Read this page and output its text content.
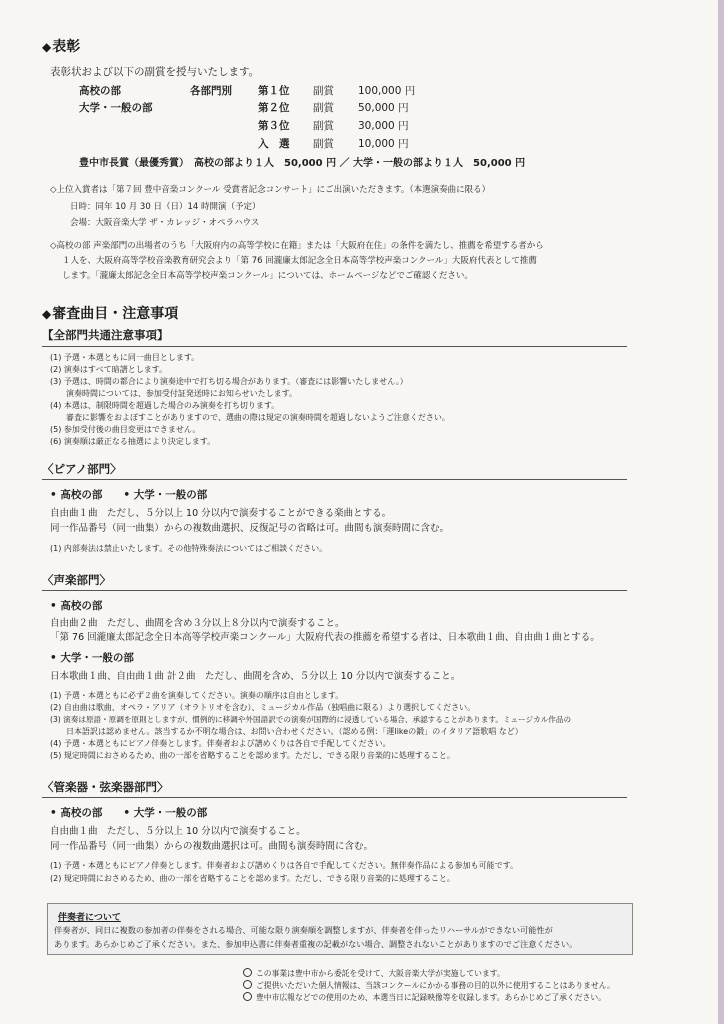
◆表彰
表彰状および以下の副賞を授与いたします。
高校の部
大学・一般の部
各部門別 第１位 副賞 100,000 円
第２位 副賞 50,000 円
第３位 副賞 30,000 円
入　選 副賞 10,000 円
豊中市長賞（最優秀賞）　高校の部より１人　50,000 円 ／ 大学・一般の部より１人　50,000 円
◇上位入賞者は「第７回 豊中音楽コンクール 受賞者記念コンサート」にご出演いただきます。（本選演奏曲に限る）
日時：同年 10 月 30 日（日）14 時開演（予定）
会場：大阪音楽大学 ザ・カレッジ・オペラハウス
◇高校の部 声楽部門の出場者のうち「大阪府内の高等学校に在籍」または「大阪府在住」の条件を満たし、推薦を希望する者から
１人を、大阪府高等学校音楽教育研究会より「第 76 回瀧廉太郎記念全日本高等学校声楽コンクール」大阪府代表として推薦
します。「瀧廉太郎記念全日本高等学校声楽コンクール」については、ホームページなどでご確認ください。
◆審査曲目・注意事項
【全部門共通注意事項】
(1) 予選・本選ともに同一曲目とします。
(2) 演奏はすべて暗譜とします。
(3) 予選は、時間の都合により演奏途中で打ち切る場合があります。（審査には影響いたしません。）
　　演奏時間については、参加受付証発送時にお知らせいたします。
(4) 本選は、制限時間を超過した場合のみ演奏を打ち切ります。
　　審査に影響をおよぼすことがありますので、選曲の際は規定の演奏時間を超過しないようご注意ください。
(5) 参加受付後の曲目変更はできません。
(6) 演奏順は厳正なる抽選により決定します。
〈ピアノ部門〉
• 高校の部　　• 大学・一般の部
自由曲１曲　ただし、５分以上 10 分以内で演奏することができる楽曲とする。
同一作品番号（同一曲集）からの複数曲選択、反復記号の省略は可。曲間も演奏時間に含む。
(1) 内部奏法は禁止いたします。その他特殊奏法についてはご相談ください。
〈声楽部門〉
• 高校の部
自由曲２曲　ただし、曲間を含め３分以上８分以内で演奏すること。
「第 76 回瀧廉太郎記念全日本高等学校声楽コンクール」大阪府代表の推薦を希望する者は、日本歌曲１曲、自由曲１曲とする。
• 大学・一般の部
日本歌曲１曲、自由曲１曲 計２曲　ただし、曲間を含め、５分以上 10 分以内で演奏すること。
(1) 予選・本選ともに必ず２曲を演奏してください。演奏の順序は自由とします。
(2) 自由曲は歌曲、オペラ・アリア（オラトリオを含む）、ミュージカル作品（独唱曲に限る）より選択してください。
(3) 演奏は原語・原調を原則としますが、慣例的に移調や外国語訳での演奏が国際的に浸透している場合、承認することがあります。ミュージカル作品の
　　日本語訳は認めません。該当するか不明な場合は、お問い合わせください。（認める例：「運likeの鍛」のイタリア語歌唱 など）
(4) 予選・本選ともにピアノ伴奏とします。伴奏者および譜めくりは各自で手配してください。
(5) 規定時間におさめるため、曲の一部を省略することを認めます。ただし、できる限り音楽的に処理すること。
〈管楽器・弦楽器部門〉
• 高校の部　　• 大学・一般の部
自由曲１曲　ただし、５分以上 10 分以内で演奏すること。
同一作品番号（同一曲集）からの複数曲選択は可。曲間も演奏時間に含む。
(1) 予選・本選ともにピアノ伴奏とします。伴奏者および譜めくりは各自で手配してください。無伴奏作品による参加も可能です。
(2) 規定時間におさめるため、曲の一部を省略することを認めます。ただし、できる限り音楽的に処理すること。
伴奏者について
伴奏者が、同日に複数の参加者の伴奏をされる場合、可能な限り演奏順を調整しますが、伴奏者を伴ったリハーサルができない可能性が
あります。あらかじめご了承ください。また、参加申込書に伴奏者重複の記載がない場合、調整されないことがありますのでご注意ください。
この事業は豊中市から委託を受けて、大阪音楽大学が実施しています。
ご提供いただいた個人情報は、当該コンクールにかかる事務の目的以外に使用することはありません。
豊中市広報などでの使用のため、本選当日に記録映像等を収録します。あらかじめご了承ください。
